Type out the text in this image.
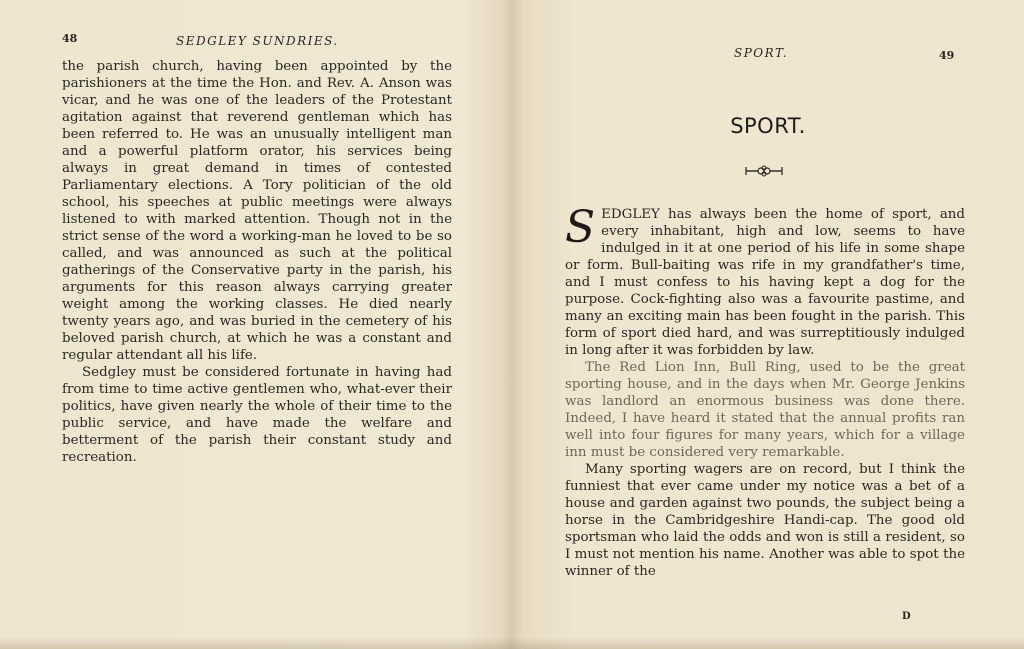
48	SEDGLEY SUNDRIES.

the parish church, having been appointed by the parishioners at the time the Hon. and Rev. A. Anson was vicar, and he was one of the leaders of the Protestant agitation against that reverend gentleman which has been referred to. He was an unusually intelligent man and a powerful platform orator, his services being always in great demand in times of contested Parliamentary elections. A Tory politician of the old school, his speeches at public meetings were always listened to with marked attention. Though not in the strict sense of the word a working-man he loved to be so called, and was announced as such at the political gatherings of the Conservative party in the parish, his arguments for this reason always carrying greater weight among the working classes. He died nearly twenty years ago, and was buried in the cemetery of his beloved parish church, at which he was a constant and regular attendant all his life.

Sedgley must be considered fortunate in having had from time to time active gentlemen who, what-ever their politics, have given nearly the whole of their time to the public service, and have made the welfare and betterment of the parish their constant study and recreation.

SPORT.	49
SPORT.

SEDGLEY has always been the home of sport, and every inhabitant, high and low, seems to have indulged in it at one period of his life in some shape or form. Bull-baiting was rife in my grandfather's time, and I must confess to his having kept a dog for the purpose. Cock-fighting also was a favourite pastime, and many an exciting main has been fought in the parish. This form of sport died hard, and was surreptitiously indulged in long after it was forbidden by law.

The Red Lion Inn, Bull Ring, used to be the great sporting house, and in the days when Mr. George Jenkins was landlord an enormous business was done there. Indeed, I have heard it stated that the annual profits ran well into four figures for many years, which for a village inn must be considered very remarkable.

Many sporting wagers are on record, but I think the funniest that ever came under my notice was a bet of a house and garden against two pounds, the subject being a horse in the Cambridgeshire Handi-cap. The good old sportsman who laid the odds and won is still a resident, so I must not mention his name. Another was able to spot the winner of the

D
